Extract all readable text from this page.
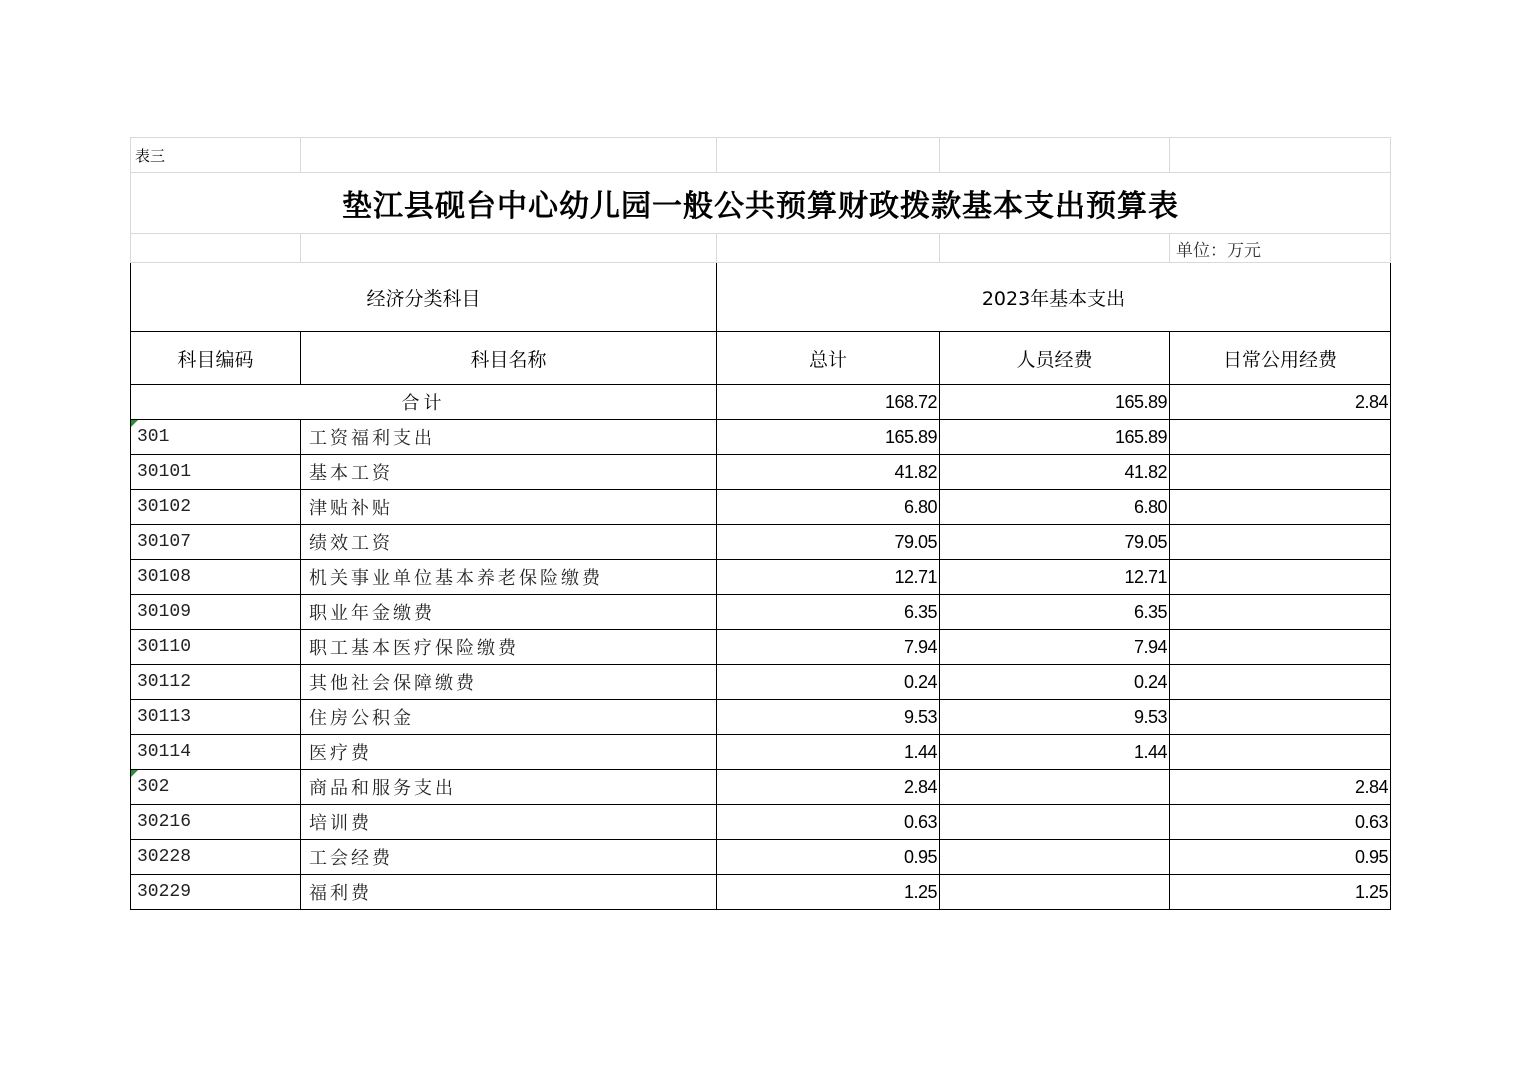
表三				
垫江县砚台中心幼儿园一般公共预算财政拨款基本支出预算表				
				单位：万元
经济分类科目		2023年基本支出		
科目编码	科目名称	总计	人员经费	日常公用经费
合计		168.72	165.89	2.84

301	工资福利支出	165.89	165.89	
30101	基本工资	41.82	41.82	
30102	津贴补贴	6.80	6.80	
30107	绩效工资	79.05	79.05	
30108	机关事业单位基本养老保险缴费	12.71	12.71	
30109	职业年金缴费	6.35	6.35	
30110	职工基本医疗保险缴费	7.94	7.94	
30112	其他社会保障缴费	0.24	0.24	
30113	住房公积金	9.53	9.53	
30114	医疗费	1.44	1.44	

302	商品和服务支出	2.84		2.84
30216	培训费	0.63		0.63
30228	工会经费	0.95		0.95
30229	福利费	1.25		1.25
